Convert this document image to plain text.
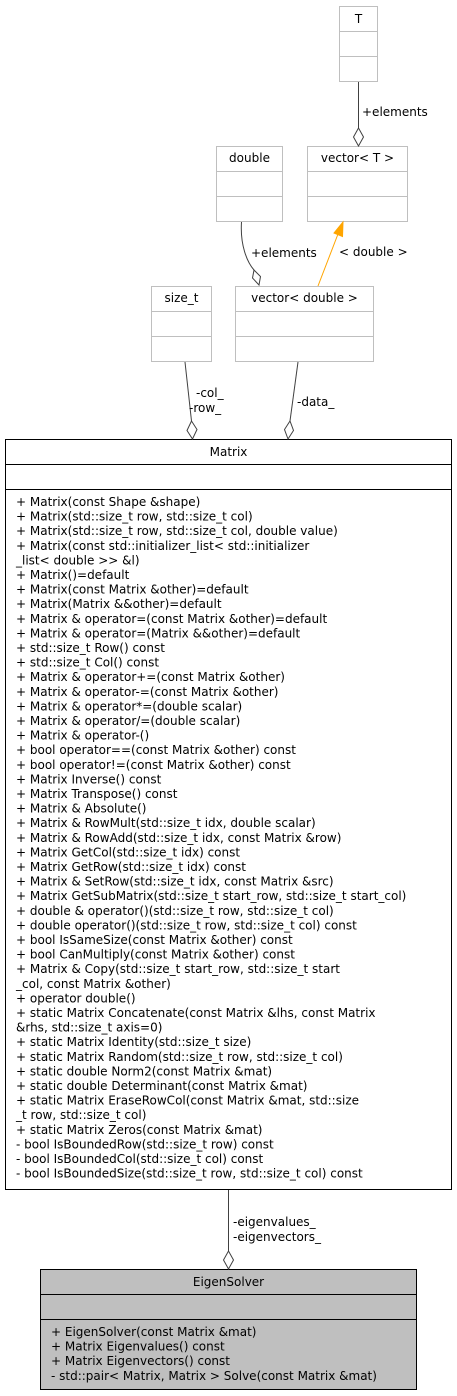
T
vector< T >
double
size_t	vector< double >
Matrix
+ Matrix(const Shape &shape)
+ Matrix(std::size_t row, std::size_t col)
+ Matrix(std::size_t row, std::size_t col, double value)
+ Matrix(const std::initializer_list< std::initializer
_list< double >> &l)
+ Matrix()=default
+ Matrix(const Matrix &other)=default
+ Matrix(Matrix &&other)=default
+ Matrix & operator=(const Matrix &other)=default
+ Matrix & operator=(Matrix &&other)=default
+ std::size_t Row() const
+ std::size_t Col() const
+ Matrix & operator+=(const Matrix &other)
+ Matrix & operator-=(const Matrix &other)
+ Matrix & operator*=(double scalar)
+ Matrix & operator/=(double scalar)
+ Matrix & operator-()
+ bool operator==(const Matrix &other) const
+ bool operator!=(const Matrix &other) const
+ Matrix Inverse() const
+ Matrix Transpose() const
+ Matrix & Absolute()
+ Matrix & RowMult(std::size_t idx, double scalar)
+ Matrix & RowAdd(std::size_t idx, const Matrix &row)
+ Matrix GetCol(std::size_t idx) const
+ Matrix GetRow(std::size_t idx) const
+ Matrix & SetRow(std::size_t idx, const Matrix &src)
+ Matrix GetSubMatrix(std::size_t start_row, std::size_t start_col)
+ double & operator()(std::size_t row, std::size_t col)
+ double operator()(std::size_t row, std::size_t col) const
+ bool IsSameSize(const Matrix &other) const
+ bool CanMultiply(const Matrix &other) const
+ Matrix & Copy(std::size_t start_row, std::size_t start
_col, const Matrix &other)
+ operator double()
+ static Matrix Concatenate(const Matrix &lhs, const Matrix
&rhs, std::size_t axis=0)
+ static Matrix Identity(std::size_t size)
+ static Matrix Random(std::size_t row, std::size_t col)
+ static double Norm2(const Matrix &mat)
+ static double Determinant(const Matrix &mat)
+ static Matrix EraseRowCol(const Matrix &mat, std::size
_t row, std::size_t col)
+ static Matrix Zeros(const Matrix &mat)
- bool IsBoundedRow(std::size_t row) const
- bool IsBoundedCol(std::size_t col) const
- bool IsBoundedSize(std::size_t row, std::size_t col) const
EigenSolver
+ EigenSolver(const Matrix &mat)
+ Matrix Eigenvalues() const
+ Matrix Eigenvectors() const
- std::pair< Matrix, Matrix > Solve(const Matrix &mat)
+elements
< double >
+elements
-col_
-row_	-data_
-eigenvalues_
-eigenvectors_
